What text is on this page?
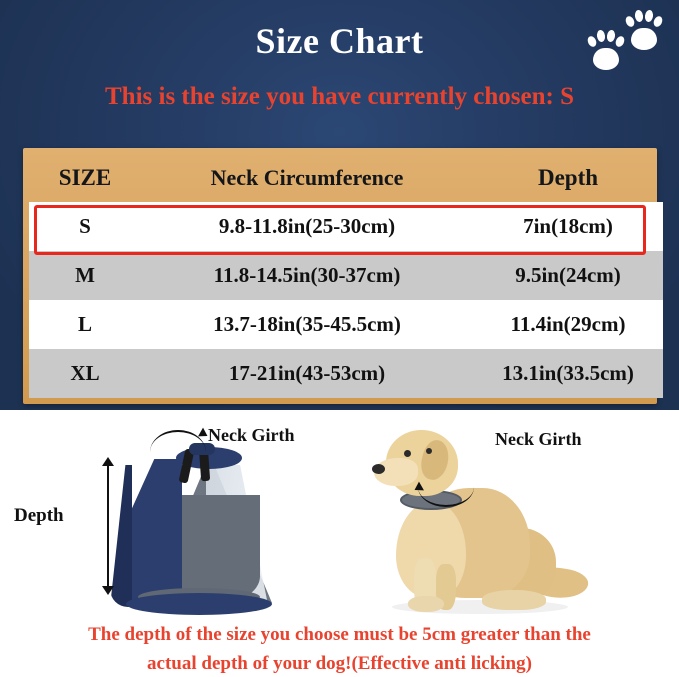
Size Chart
This is the size you have currently chosen: S
SIZE	Neck Circumference	Depth
S	9.8-11.8in(25-30cm)	7in(18cm)
M	11.8-14.5in(30-37cm)	9.5in(24cm)
L	13.7-18in(35-45.5cm)	11.4in(29cm)
XL	17-21in(43-53cm)	13.1in(33.5cm)
Depth
Neck Girth	Neck Girth
The depth of the size you choose must be 5cm greater than the
actual depth of your dog!(Effective anti licking)
